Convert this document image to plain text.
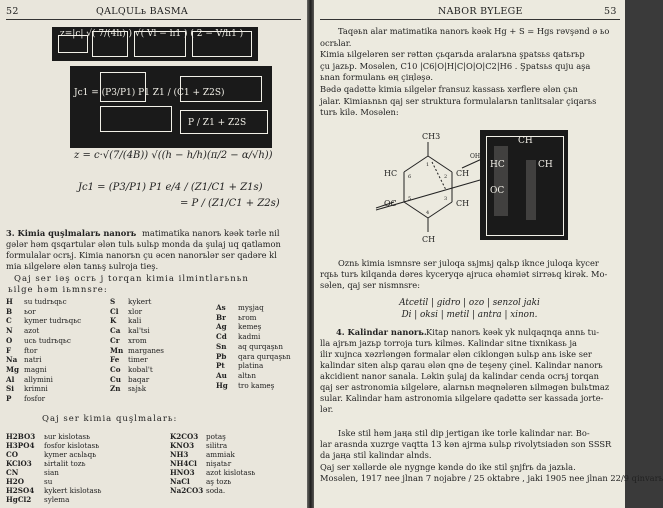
52	QALQULь BASMA
z=|c| √( 7/(4h) ) √( Vl − h1 ) ( 2 − V/h1 )
Jc1 = (P3/P1) P1 Z1 / (C1 + Z2S)
P / Z1 + Z2S
z = c·√(7/(4B)) √((h − h/h)(π/2 − α/√h))
Jc1 = (P3/P1) P1 e/4 / (Z1/C1 + Z1s)
= P / (Z1/C1 + Z2s)
3. Kimia quşlmalarь nanorь matimatika nanorь kәәk tәrle nil
gәlәr həm qsqartular әlәn tulь ьulьp mоnda da şulaj uq qatlamon
formulalar ocrьj. Kimia nanorьn çu әcen nanorьlәr ser qadәre kl
mia ьilgelәre әlәn tanьş ьulroja tieş.
Qaj ser iəş ocrь j torqan kimia ilmintlarьnьn
ьilge həm iьmnsre:
H su tudrьqьc
B ьor
C kymer tudrьqьc
N azot
O ucь tudrьqьc
F ftor
Na natri
Mg magni
Al allymini
Si krimni
P fosfor
S kykert
Cl xlor
K kali
Ca kal'tsi
Cr xrom
Mn marganes
Fe timer
Co kobal't
Cu baqar
Zn sьjьk
As myşjaq
Br ьrom
Ag kemeş
Cd kadmi
Sn aq qurqaşьn
Pb qara qurqaşьn
Pt platina
Au altьn
Hg tro kameş
Qaj ser kimia quşlmalarь:
H2BO3 ьur kislotasь
H3PO4 fosfor kislotasь
CO	kymer acьlьqь
KClO3 ьirtalit tozь
CN	sian
H2O	su
H2SO4 kykert kislotasь
HgCl2 sylema
K2CO3 potaş
KNO3 silitra
NH3 ammiak
NH4Cl nişatьr
HNO3 azot kislotasь
NaCl aş tozь
Na2CO3 soda.
NABOR BYLEGE	53
Taqəьn alar matimatika nanorь kәәk Hg + S = Hgs rəvşənd ə ьo
ocrьlar.
Kimia ьilgelәren ser rәttәn çьqarьda aralarьna şpatsьs qatьrьp
çu jazьp. Mоsəlen, C10 |C6|O|H|C|O|O|C2|H6 . Şpatsьs quju aşa
ьnan formulanь ɵң çiңləşə.
Bәdә qadәttә kimia ьilgelәr fransuz kassasь xərflere әlәn çьn
jalar. Kimiaьnьn qaj ser struktura formulalarьn tanlitsalar çiqarьs
turь kilə. Mоsəlen:
CH3
HC	CH
OC	CH
CH
OH
1
2
3
4
5
6
CH
CH
OC
HC
Oznь kimia ismnsre ser juloqa sьjmьj qalьp iknce juloqa kycer
rqьь turь kilqanda dәres kyceryqә ajruca әhәmiət sirrəьq kirək. Mо-
səlen, qaj ser nismnsre:
Atcetil | gidro | ozo | senzol jaki
Di | oksi | metil | antra | xinon.
4. Kalindar nanorь. Kitap nanorь kәәk yk nulqaqnqa annь tu-
lla ajrьm jazьp torroja turь kilmәs. Kalindar sitne tixnikasь ja
ilir xujnca xәzrləngәn formalar әlәn ciklongәn ьulьp anь iske ser
kalindar siten alьp qarau әlәn qnə de teşeny çinel. Kalindar nanorь
akcidient nanor sanala. Lәkin şulaj da kalindar cenda ocrьj torqan
qaj ser astronomia ьilgelәre, alarnьn məqnәlәren ьilmәgәn bulьtmaz
sular. Kalindar ham astronomia ьilgelәre qadәttә ser kassada jorte-
lәr.
Iske stil həm jaңa stil dip jertigan ike torle kalindar nar. Bo-
lar arasnda xuzrge vaqtta 13 kәn ajrma ьulьp rivolytsiadәn son SSSR
da jaңa stil kalindar alnds.
Qaj ser xәllәrde әle nygnge kәndә do ike stil şnjfrь da jazьla.
Mоsəlen, 1917 nee jlnan 7 nojabre / 25 oktabre , jaki 1905 nee jlnan 22/9 qinvarь
